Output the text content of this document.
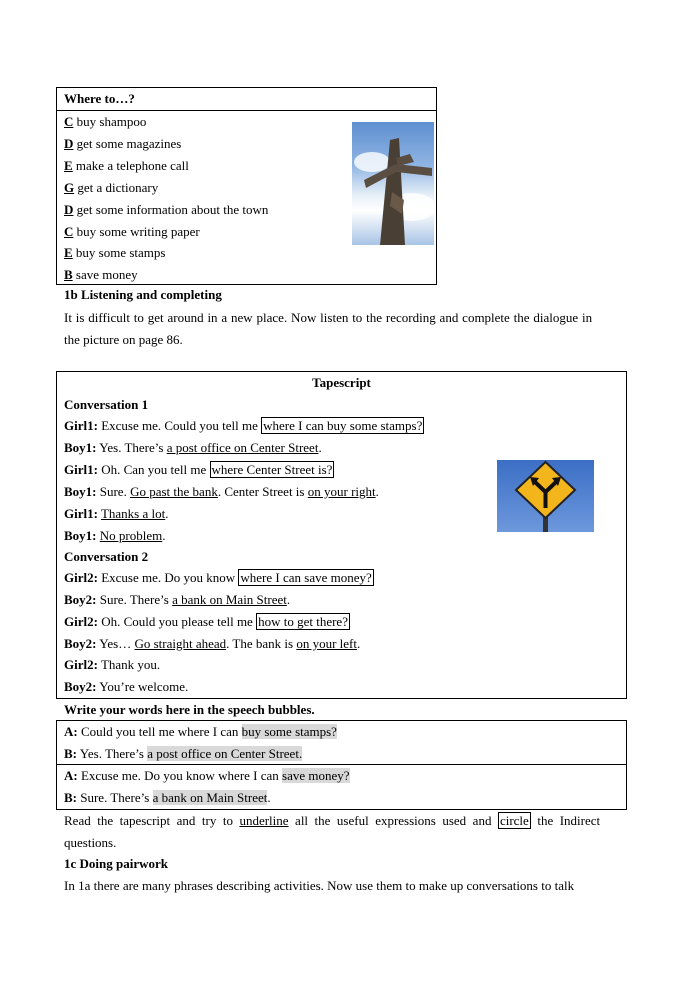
Where to…?
C buy shampoo
D get some magazines
E make a telephone call
G get a dictionary
D get some information about the town
C buy some writing paper
E buy some stamps
B save money
1b Listening and completing
It is difficult to get around in a new place. Now listen to the recording and complete the dialogue in
the picture on page 86.
Tapescript
Conversation 1
Girl1: Excuse me. Could you tell me where I can buy some stamps?
Boy1: Yes. There’s a post office on Center Street.
Girl1: Oh. Can you tell me where Center Street is?
Boy1: Sure. Go past the bank. Center Street is on your right.
Girl1: Thanks a lot.
Boy1: No problem.
Conversation 2
Girl2: Excuse me. Do you know where I can save money?
Boy2: Sure. There’s a bank on Main Street.
Girl2: Oh. Could you please tell me how to get there?
Boy2: Yes… Go straight ahead. The bank is on your left.
Girl2: Thank you.
Boy2: You’re welcome.
Write your words here in the speech bubbles.
A: Could you tell me where I can buy some stamps?
B: Yes. There’s a post office on Center Street.
A: Excuse me. Do you know where I can save money?
B: Sure. There’s a bank on Main Street.
Read  the  tapescript  and  try  to  underline  all  the  useful  expressions  used  and  circle  the  Indirect
questions.
1c Doing pairwork
In 1a there are many phrases describing activities. Now use them to make up conversations to talk
